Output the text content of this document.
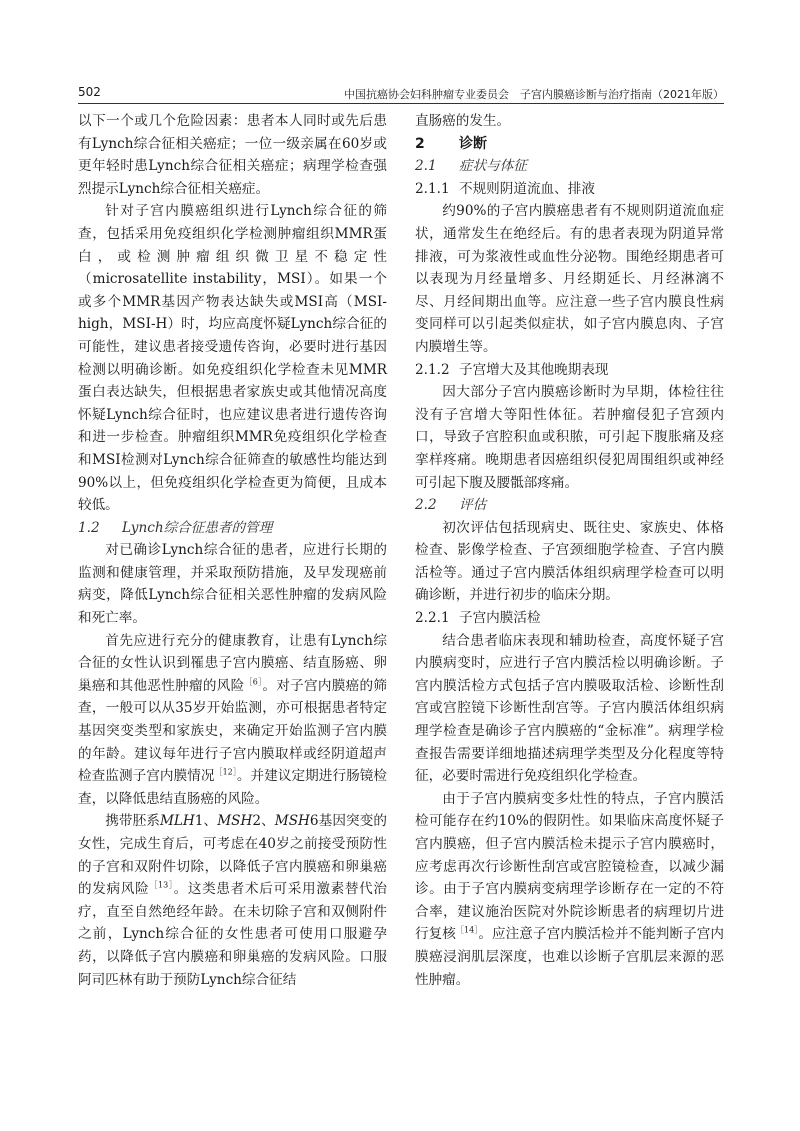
502	中国抗癌协会妇科肿瘤专业委员会　子宫内膜癌诊断与治疗指南（2021年版）

以下一个或几个危险因素：患者本人同时或先后患有Lynch综合征相关癌症；一位一级亲属在60岁或更年轻时患Lynch综合征相关癌症；病理学检查强烈提示Lynch综合征相关癌症。

针对子宫内膜癌组织进行Lynch综合征的筛查，包括采用免疫组织化学检测肿瘤组织MMR蛋白，或检测肿瘤组织微卫星不稳定性（microsatellite instability，MSI）。如果一个或多个MMR基因产物表达缺失或MSI高（MSI-high，MSI-H）时，均应高度怀疑Lynch综合征的可能性，建议患者接受遗传咨询，必要时进行基因检测以明确诊断。如免疫组织化学检查未见MMR蛋白表达缺失，但根据患者家族史或其他情况高度怀疑Lynch综合征时，也应建议患者进行遗传咨询和进一步检查。肿瘤组织MMR免疫组织化学检查和MSI检测对Lynch综合征筛查的敏感性均能达到90%以上，但免疫组织化学检查更为简便，且成本较低。

1.2 Lynch综合征患者的管理

对已确诊Lynch综合征的患者，应进行长期的监测和健康管理，并采取预防措施，及早发现癌前病变，降低Lynch综合征相关恶性肿瘤的发病风险和死亡率。

首先应进行充分的健康教育，让患有Lynch综合征的女性认识到罹患子宫内膜癌、结直肠癌、卵巢癌和其他恶性肿瘤的风险$^{[6]}$。对子宫内膜癌的筛查，一般可以从35岁开始监测，亦可根据患者特定基因突变类型和家族史，来确定开始监测子宫内膜的年龄。建议每年进行子宫内膜取样或经阴道超声检查监测子宫内膜情况$^{[12]}$。并建议定期进行肠镜检查，以降低患结直肠癌的风险。

携带胚系MLH1、MSH2、MSH6基因突变的女性，完成生育后，可考虑在40岁之前接受预防性的子宫和双附件切除，以降低子宫内膜癌和卵巢癌的发病风险$^{[13]}$。这类患者术后可采用激素替代治疗，直至自然绝经年龄。在未切除子宫和双侧附件之前，Lynch综合征的女性患者可使用口服避孕药，以降低子宫内膜癌和卵巢癌的发病风险。口服阿司匹林有助于预防Lynch综合征结

直肠癌的发生。

2 诊断
2.1 症状与体征
2.1.1 不规则阴道流血、排液

约90%的子宫内膜癌患者有不规则阴道流血症状，通常发生在绝经后。有的患者表现为阴道异常排液，可为浆液性或血性分泌物。围绝经期患者可以表现为月经量增多、月经期延长、月经淋漓不尽、月经间期出血等。应注意一些子宫内膜良性病变同样可以引起类似症状，如子宫内膜息肉、子宫内膜增生等。

2.1.2 子宫增大及其他晚期表现

因大部分子宫内膜癌诊断时为早期，体检往往没有子宫增大等阳性体征。若肿瘤侵犯子宫颈内口，导致子宫腔积血或积脓，可引起下腹胀痛及痉挛样疼痛。晚期患者因癌组织侵犯周围组织或神经可引起下腹及腰骶部疼痛。

2.2 评估

初次评估包括现病史、既往史、家族史、体格检查、影像学检查、子宫颈细胞学检查、子宫内膜活检等。通过子宫内膜活体组织病理学检查可以明确诊断，并进行初步的临床分期。

2.2.1 子宫内膜活检

结合患者临床表现和辅助检查，高度怀疑子宫内膜病变时，应进行子宫内膜活检以明确诊断。子宫内膜活检方式包括子宫内膜吸取活检、诊断性刮宫或宫腔镜下诊断性刮宫等。子宫内膜活体组织病理学检查是确诊子宫内膜癌的“金标准”。病理学检查报告需要详细地描述病理学类型及分化程度等特征，必要时需进行免疫组织化学检查。

由于子宫内膜病变多灶性的特点，子宫内膜活检可能存在约10%的假阴性。如果临床高度怀疑子宫内膜癌，但子宫内膜活检未提示子宫内膜癌时，应考虑再次行诊断性刮宫或宫腔镜检查，以减少漏诊。由于子宫内膜病变病理学诊断存在一定的不符合率，建议施治医院对外院诊断患者的病理切片进行复核$^{[14]}$。应注意子宫内膜活检并不能判断子宫内膜癌浸润肌层深度，也难以诊断子宫肌层来源的恶性肿瘤。
